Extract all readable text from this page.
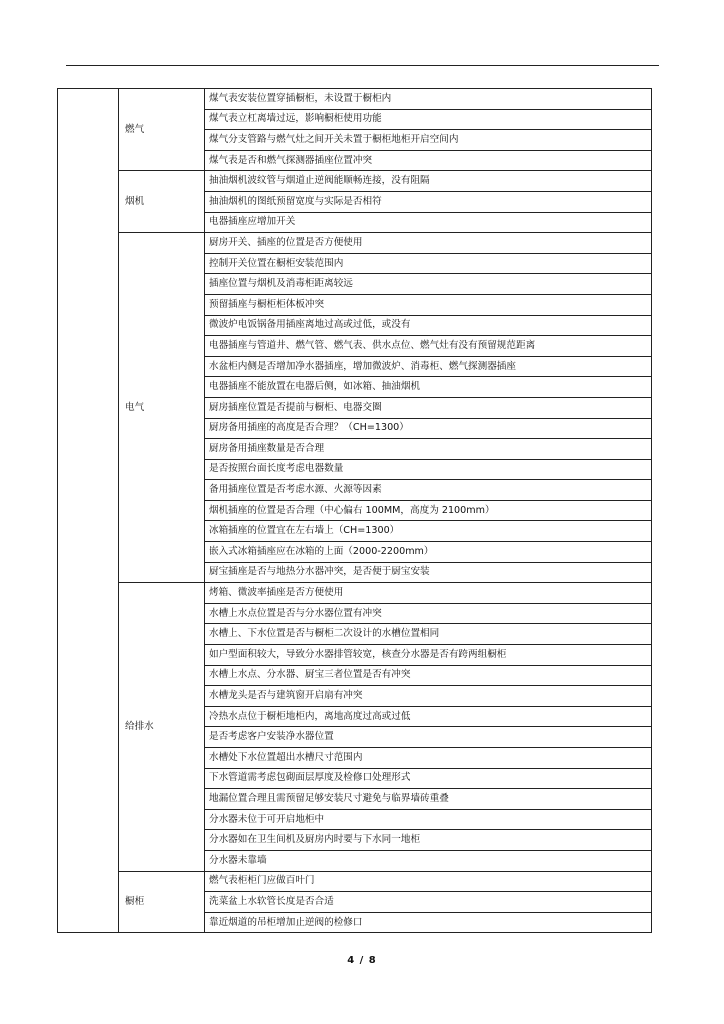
	燃气	煤气表安装位置穿插橱柜，未设置于橱柜内
		煤气表立杠离墙过远，影响橱柜使用功能
		煤气分支管路与燃气灶之间开关未置于橱柜地柜开启空间内
		煤气表是否和燃气探测器插座位置冲突
	烟机	抽油烟机波纹管与烟道止逆阀能顺畅连接，没有阻隔
		抽油烟机的图纸预留宽度与实际是否相符
		电器插座应增加开关
	电气	厨房开关、插座的位置是否方便使用
		控制开关位置在橱柜安装范围内
		插座位置与烟机及消毒柜距离较远
		预留插座与橱柜柜体板冲突
		微波炉电饭锅备用插座离地过高或过低，或没有
		电器插座与管道井、燃气管、燃气表、供水点位、燃气灶有没有预留规范距离
		水盆柜内侧是否增加净水器插座，增加微波炉、消毒柜、燃气探测器插座
		电器插座不能放置在电器后侧，如冰箱、抽油烟机
		厨房插座位置是否提前与橱柜、电器交圈
		厨房备用插座的高度是否合理？（CH=1300）
		厨房备用插座数量是否合理
		是否按照台面长度考虑电器数量
		备用插座位置是否考虑水源、火源等因素
		烟机插座的位置是否合理（中心偏右 100MM，高度为 2100mm）
		冰箱插座的位置宜在左右墙上（CH=1300）
		嵌入式冰箱插座应在冰箱的上面（2000-2200mm）
		厨宝插座是否与地热分水器冲突，是否便于厨宝安装
	给排水	烤箱、微波率插座是否方便使用
		水槽上水点位置是否与分水器位置有冲突
		水槽上、下水位置是否与橱柜二次设计的水槽位置相同
		如户型面积较大，导致分水器排管较宽，核查分水器是否有跨两组橱柜
		水槽上水点、分水器、厨宝三者位置是否有冲突
		水槽龙头是否与建筑窗开启扇有冲突
		冷热水点位于橱柜地柜内，离地高度过高或过低
		是否考虑客户安装净水器位置
		水槽处下水位置超出水槽尺寸范围内
		下水管道需考虑包砌面层厚度及检修口处理形式
		地漏位置合理且需预留足够安装尺寸避免与临界墙砖重叠
		分水器未位于可开启地柜中
		分水器如在卫生间机及厨房内时要与下水同一地柜
		分水器未靠墙
	橱柜	燃气表柜柜门应做百叶门
		洗菜盆上水软管长度是否合适
		靠近烟道的吊柜增加止逆阀的检修口
4 / 8
